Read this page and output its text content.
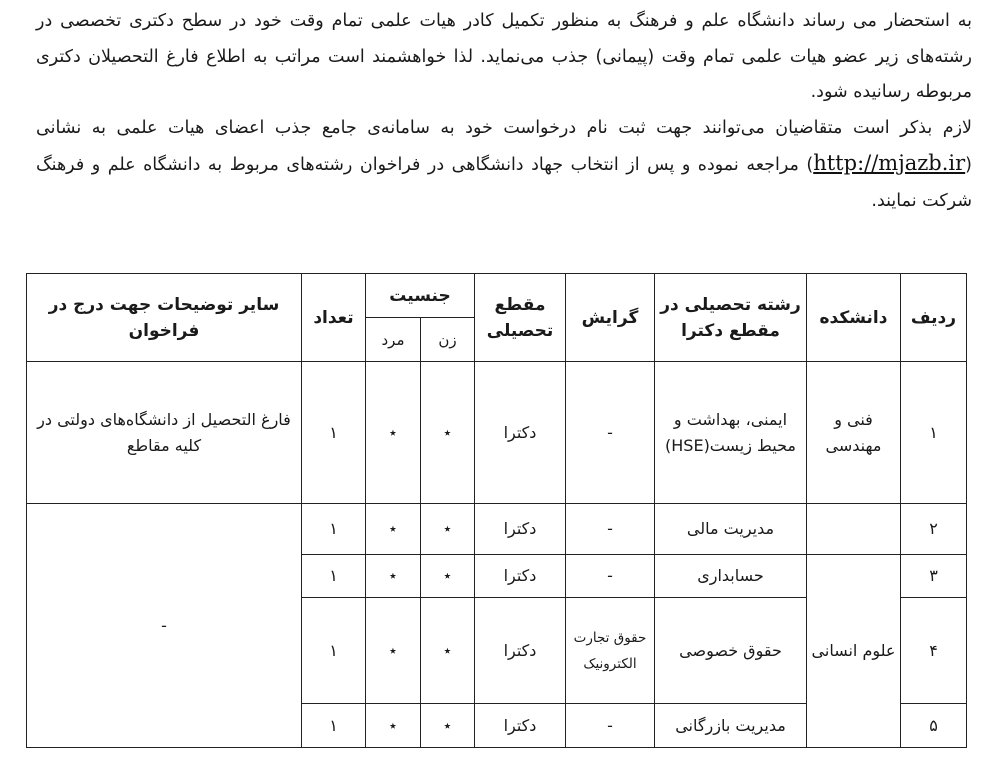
به استحضار می رساند دانشگاه علم و فرهنگ به منظور تکمیل کادر هیات علمی تمام وقت خود در سطح دکتری تخصصی در رشته‌های زیر عضو هیات علمی تمام وقت (پیمانی) جذب می‌نماید. لذا خواهشمند است مراتب به اطلاع فارغ التحصیلان دکتری مربوطه رسانیده شود.

لازم بذکر است متقاضیان می‌توانند جهت ثبت نام درخواست خود به سامانه‌ی جامع جذب اعضای هیات علمی به نشانی (http://mjazb.ir) مراجعه نموده و پس از انتخاب جهاد دانشگاهی در فراخوان رشته‌های مربوط به دانشگاه علم و فرهنگ شرکت نمایند.

ردیف	دانشکده	رشته تحصیلی در مقطع دکترا	گرایش	مقطع تحصیلی	جنسیت		تعداد	سایر توضیحات جهت درج در فراخوان
					زن	مرد		
۱	فنی و مهندسی	ایمنی، بهداشت و محیط زیست(HSE)	-	دکترا	٭	٭	۱	فارغ التحصیل از دانشگاه‌های دولتی در کلیه مقاطع
۲		مدیریت مالی	-	دکترا	٭	٭	۱	-
۳	علوم انسانی	حسابداری	-	دکترا	٭	٭	۱	
۴		حقوق خصوصی	حقوق تجارت الکترونیک	دکترا	٭	٭	۱	
۵		مدیریت بازرگانی	-	دکترا	٭	٭	۱	
